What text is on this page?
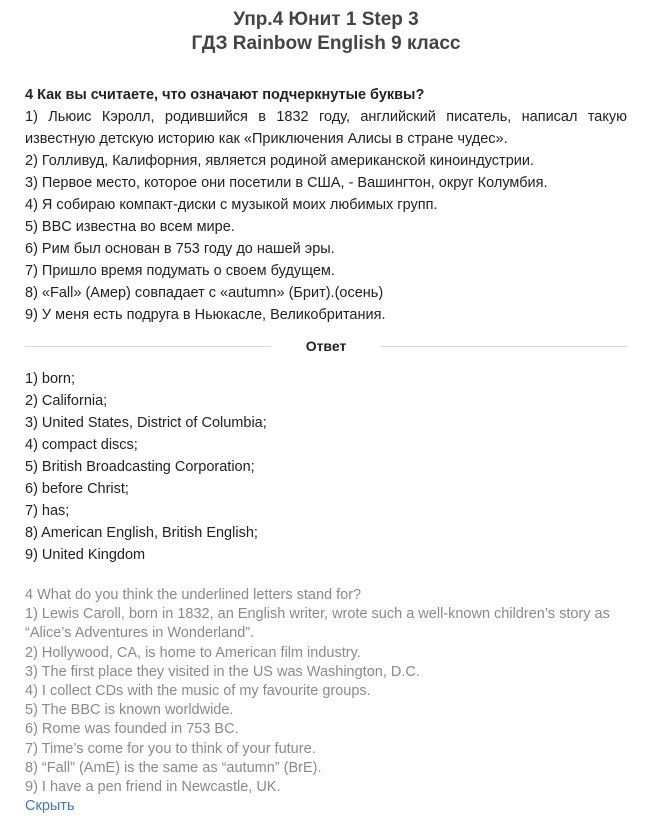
Упр.4 Юнит 1 Step 3
ГДЗ Rainbow English 9 класс

4 Как вы считаете, что означают подчеркнутые буквы?

1) Льюис Кэролл, родившийся в 1832 году, английский писатель, написал такую известную детскую историю как «Приключения Алисы в стране чудес».

2) Голливуд, Калифорния, является родиной американской киноиндустрии.

3) Первое место, которое они посетили в США, - Вашингтон, округ Колумбия.

4) Я собираю компакт-диски с музыкой моих любимых групп.

5) BBC известна во всем мире.

6) Рим был основан в 753 году до нашей эры.

7) Пришло время подумать о своем будущем.

8) «Fall» (Амер) совпадает с «autumn» (Брит).(осень)

9) У меня есть подруга в Ньюкасле, Великобритания.

Ответ

1) born;

2) California;

3) United States, District of Columbia;

4) compact discs;

5) British Broadcasting Corporation;

6) before Christ;

7) has;

8) American English, British English;

9) United Kingdom

4 What do you think the underlined letters stand for?

1) Lewis Caroll, born in 1832, an English writer, wrote such a well-known children’s story as “Alice’s Adventures in Wonderland”.

2) Hollywood, CA, is home to American film industry.

3) The first place they visited in the US was Washington, D.C.

4) I collect CDs with the music of my favourite groups.

5) The BBC is known worldwide.

6) Rome was founded in 753 BC.

7) Time’s come for you to think of your future.

8) “Fall” (AmE) is the same as “autumn” (BrE).

9) I have a pen friend in Newcastle, UK.

Скрыть
